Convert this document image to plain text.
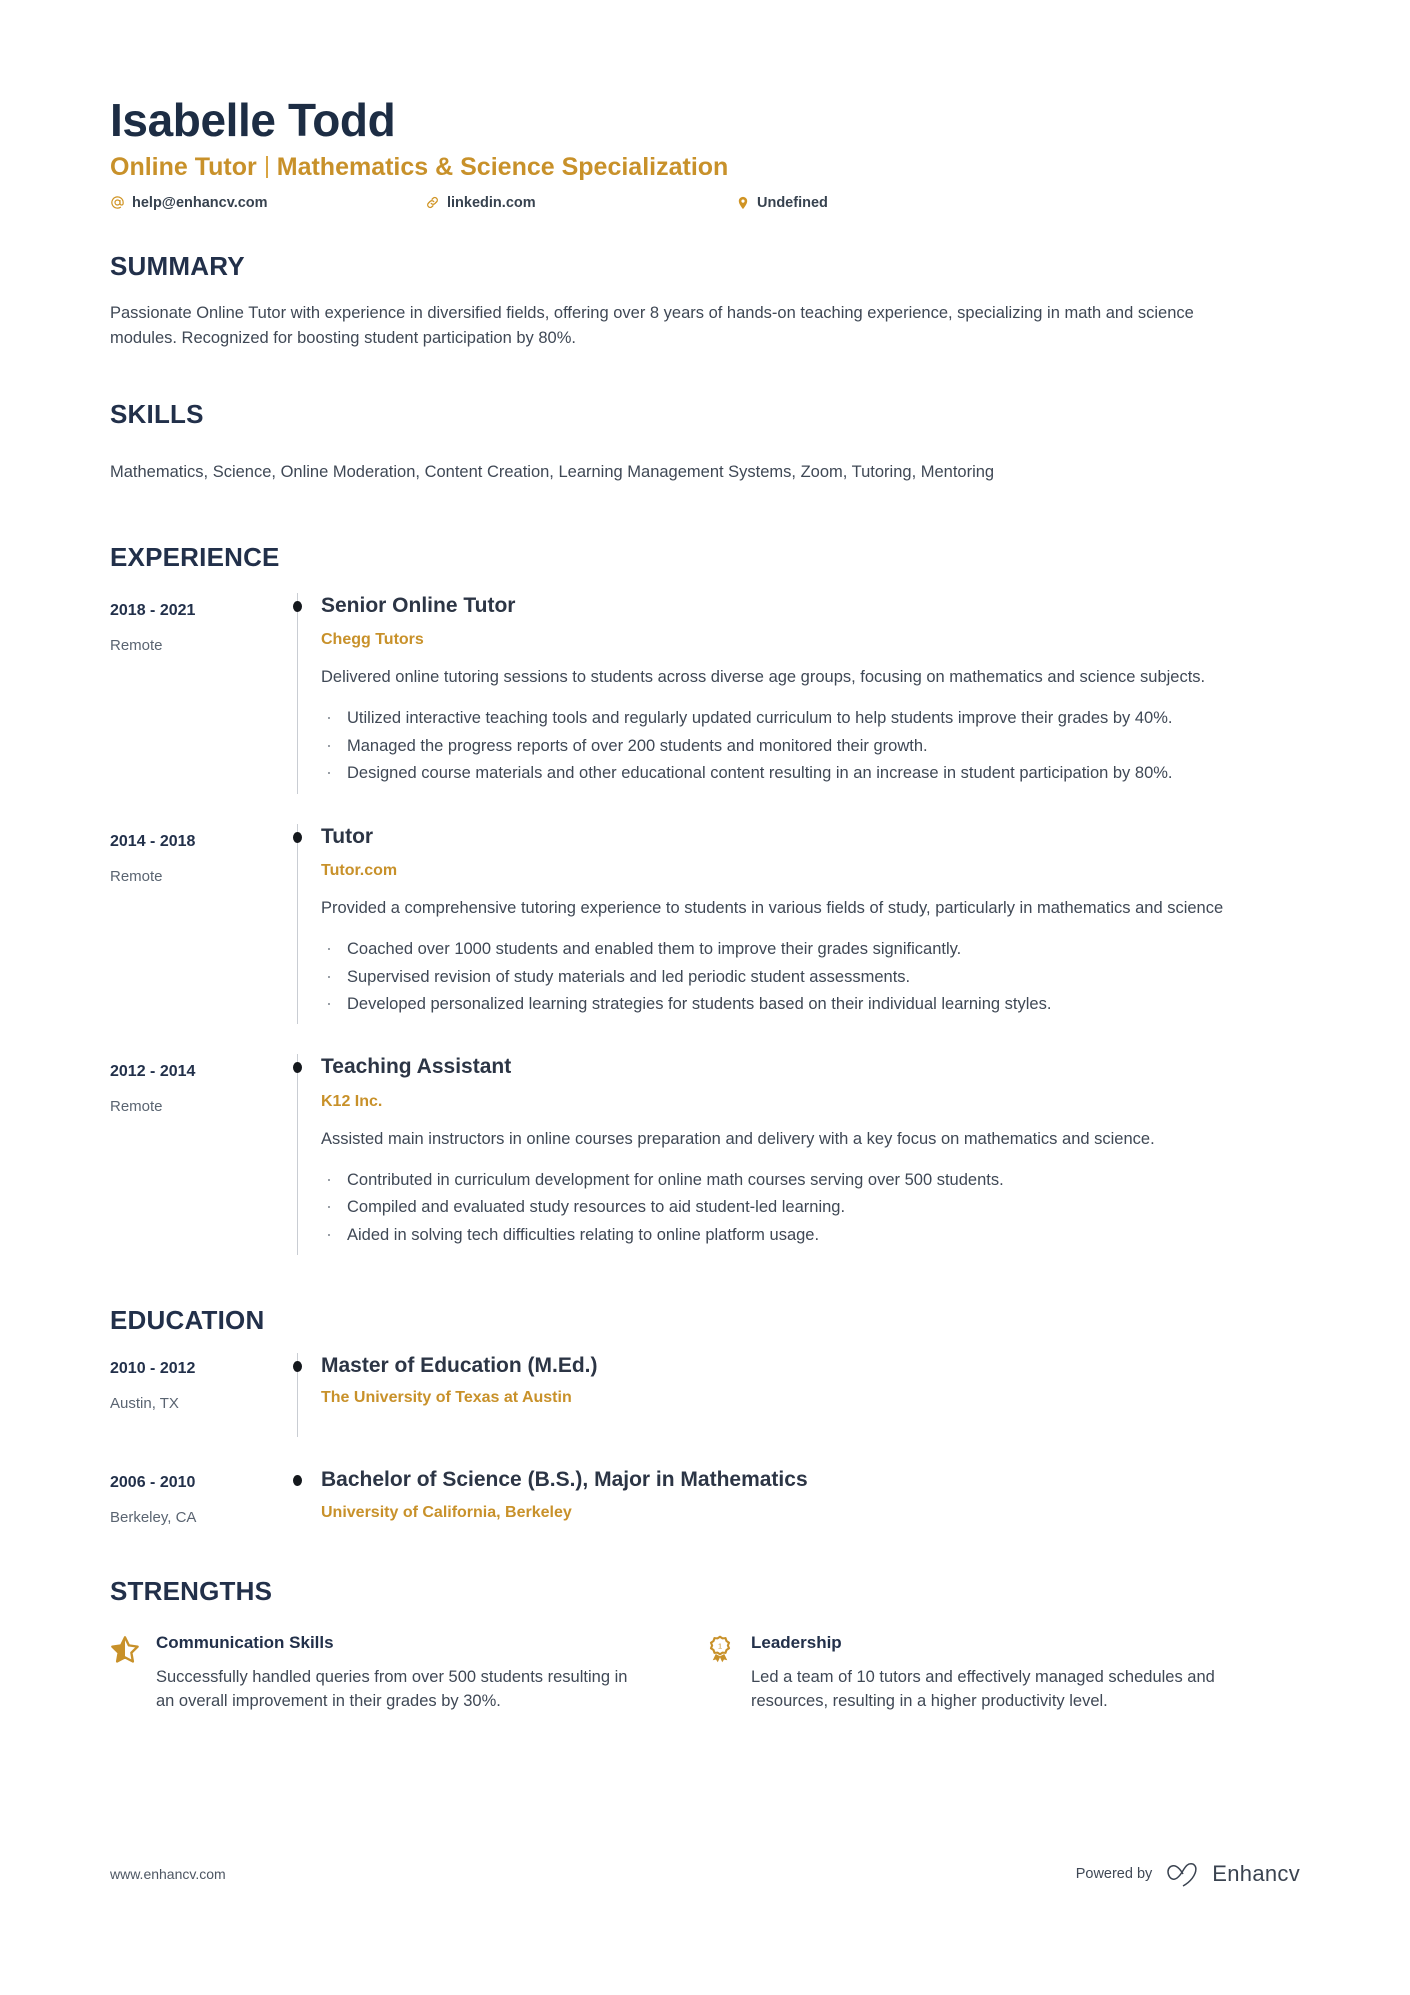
Isabelle Todd
Online Tutor Mathematics & Science Specialization
help@enhancv.com	linkedin.com	Undefined
SUMMARY

Passionate Online Tutor with experience in diversified fields, offering over 8 years of hands-on teaching experience, specializing in math and science modules. Recognized for boosting student participation by 80%.

SKILLS

Mathematics, Science, Online Moderation, Content Creation, Learning Management Systems, Zoom, Tutoring, Mentoring

EXPERIENCE
2018 - 2021
Remote
Senior Online Tutor
Chegg Tutors

Delivered online tutoring sessions to students across diverse age groups, focusing on mathematics and science subjects.

· Utilized interactive teaching tools and regularly updated curriculum to help students improve their grades by 40%.
· Managed the progress reports of over 200 students and monitored their growth.
· Designed course materials and other educational content resulting in an increase in student participation by 80%.
2014 - 2018
Remote
Tutor
Tutor.com

Provided a comprehensive tutoring experience to students in various fields of study, particularly in mathematics and science

· Coached over 1000 students and enabled them to improve their grades significantly.
· Supervised revision of study materials and led periodic student assessments.
· Developed personalized learning strategies for students based on their individual learning styles.
2012 - 2014
Remote
Teaching Assistant
K12 Inc.

Assisted main instructors in online courses preparation and delivery with a key focus on mathematics and science.

· Contributed in curriculum development for online math courses serving over 500 students.
· Compiled and evaluated study resources to aid student-led learning.
· Aided in solving tech difficulties relating to online platform usage.
EDUCATION
2010 - 2012
Austin, TX
Master of Education (M.Ed.)
The University of Texas at Austin
2006 - 2010
Berkeley, CA
Bachelor of Science (B.S.), Major in Mathematics
University of California, Berkeley
STRENGTHS
Communication Skills

Successfully handled queries from over 500 students resulting in an overall improvement in their grades by 30%.

1 Leadership

Led a team of 10 tutors and effectively managed schedules and resources, resulting in a higher productivity level.

www.enhancv.com	Powered by	Enhancv
